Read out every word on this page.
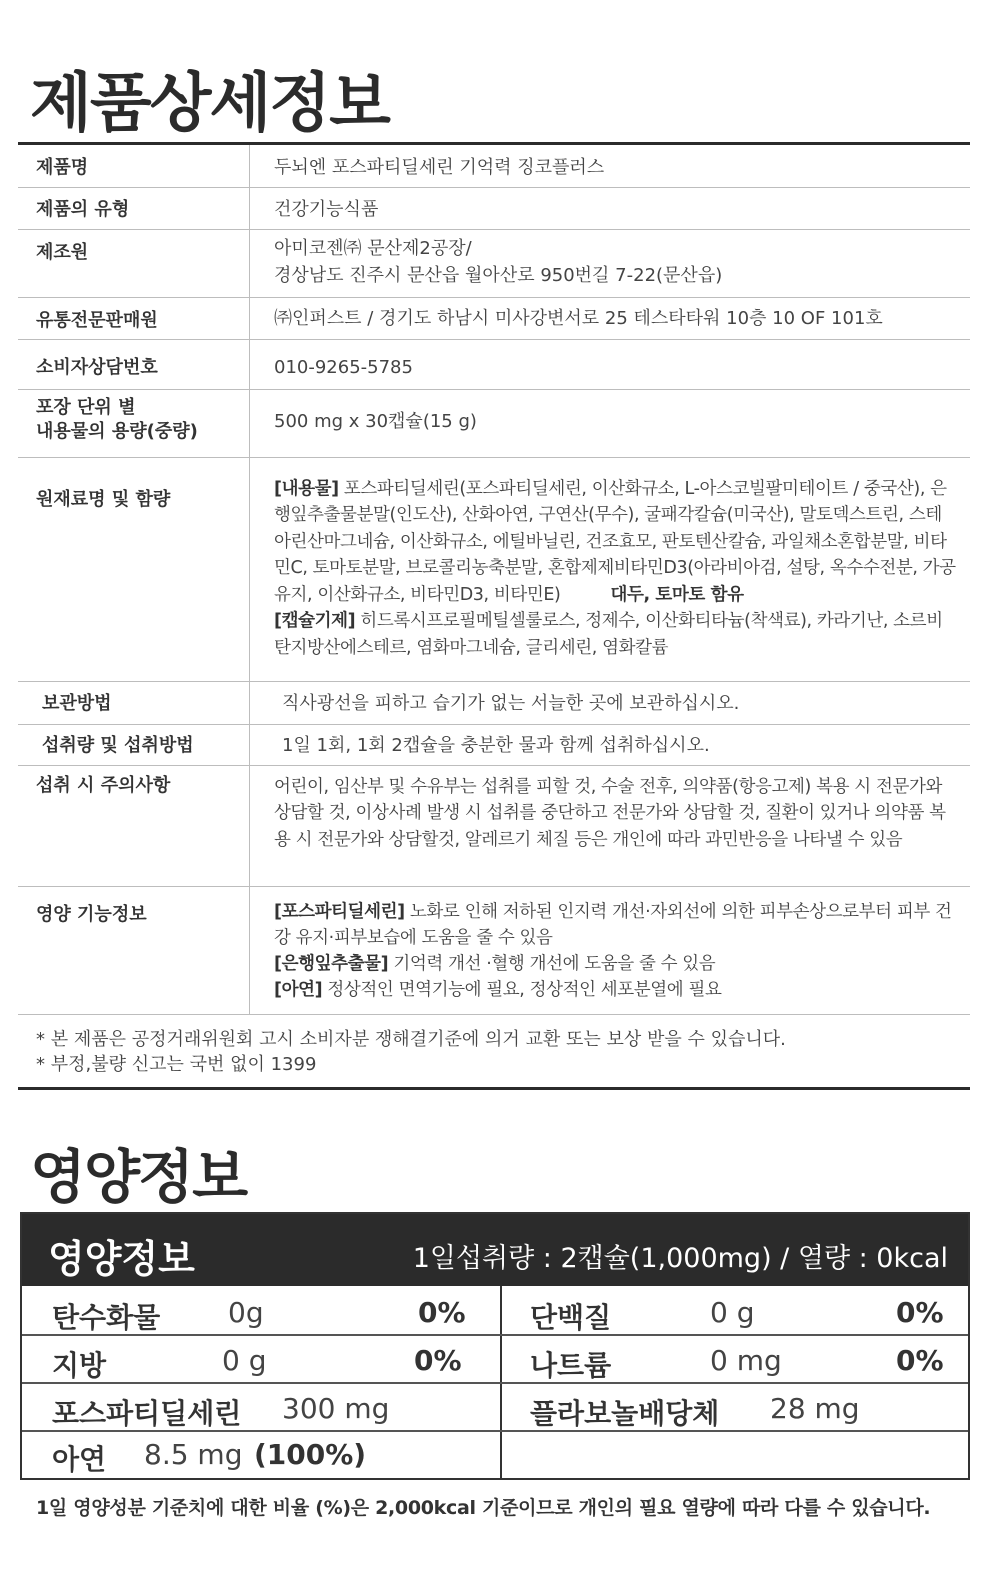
제품상세정보
제품명	두뇌엔 포스파티딜세린 기억력 징코플러스
제품의 유형	건강기능식품
제조원	아미코젠㈜ 문산제2공장/
경상남도 진주시 문산읍 월아산로 950번길 7-22(문산읍)

유통전문판매원	㈜인퍼스트 / 경기도 하남시 미사강변서로 25 테스타타워 10층 10 OF 101호
소비자상담번호	010-9265-5785

포장 단위 별
내용물의 용량(중량)	500 mg x 30캡슐(15 g)
원재료명 및 함량	[내용물] 포스파티딜세린(포스파티딜세린, 이산화규소, L-아스코빌팔미테이트 / 중국산), 은행잎추출물분말(인도산), 산화아연, 구연산(무수), 굴패각칼슘(미국산), 말토덱스트린, 스테아린산마그네슘, 이산화규소, 에틸바닐린, 건조효모, 판토텐산칼슘, 과일채소혼합분말, 비타민C, 토마토분말, 브로콜리농축분말, 혼합제제비타민D3(아라비아검, 설탕, 옥수수전분, 가공유지, 이산화규소, 비타민D3, 비타민E) 대두, 토마토 함유
[캡슐기제] 히드록시프로필메틸셀룰로스, 정제수, 이산화티타늄(착색료), 카라기난, 소르비탄지방산에스테르, 염화마그네슘, 글리세린, 염화칼륨
보관방법	직사광선을 피하고 습기가 없는 서늘한 곳에 보관하십시오.
섭취량 및 섭취방법	1일 1회, 1회 2캡슐을 충분한 물과 함께 섭취하십시오.
섭취 시 주의사항	어린이, 임산부 및 수유부는 섭취를 피할 것, 수술 전후, 의약품(항응고제) 복용 시 전문가와 상담할 것, 이상사례 발생 시 섭취를 중단하고 전문가와 상담할 것, 질환이 있거나 의약품 복용 시 전문가와 상담할것, 알레르기 체질 등은 개인에 따라 과민반응을 나타낼 수 있음
영양 기능정보	[포스파티딜세린] 노화로 인해 저하된 인지력 개선·자외선에 의한 피부손상으로부터 피부 건강 유지·피부보습에 도움을 줄 수 있음
[은행잎추출물] 기억력 개선 ·혈행 개선에 도움을 줄 수 있음
[아연] 정상적인 면역기능에 필요, 정상적인 세포분열에 필요
* 본 제품은 공정거래위원회 고시 소비자분 쟁해결기준에 의거 교환 또는 보상 받을 수 있습니다.
* 부정,불량 신고는 국번 없이 1399
영양정보
영양정보	1일섭취량 : 2캡슐(1,000mg) / 열량 : 0kcal
탄수화물 0g	0% 단백질	0 g	0%
지방	0 g	0% 나트륨	0 mg	0%
포스파티딜세린 300 mg	플라보놀배당체 28 mg
아연 8.5 mg (100%)
1일 영양성분 기준치에 대한 비율 (%)은 2,000kcal 기준이므로 개인의 필요 열량에 따라 다를 수 있습니다.
